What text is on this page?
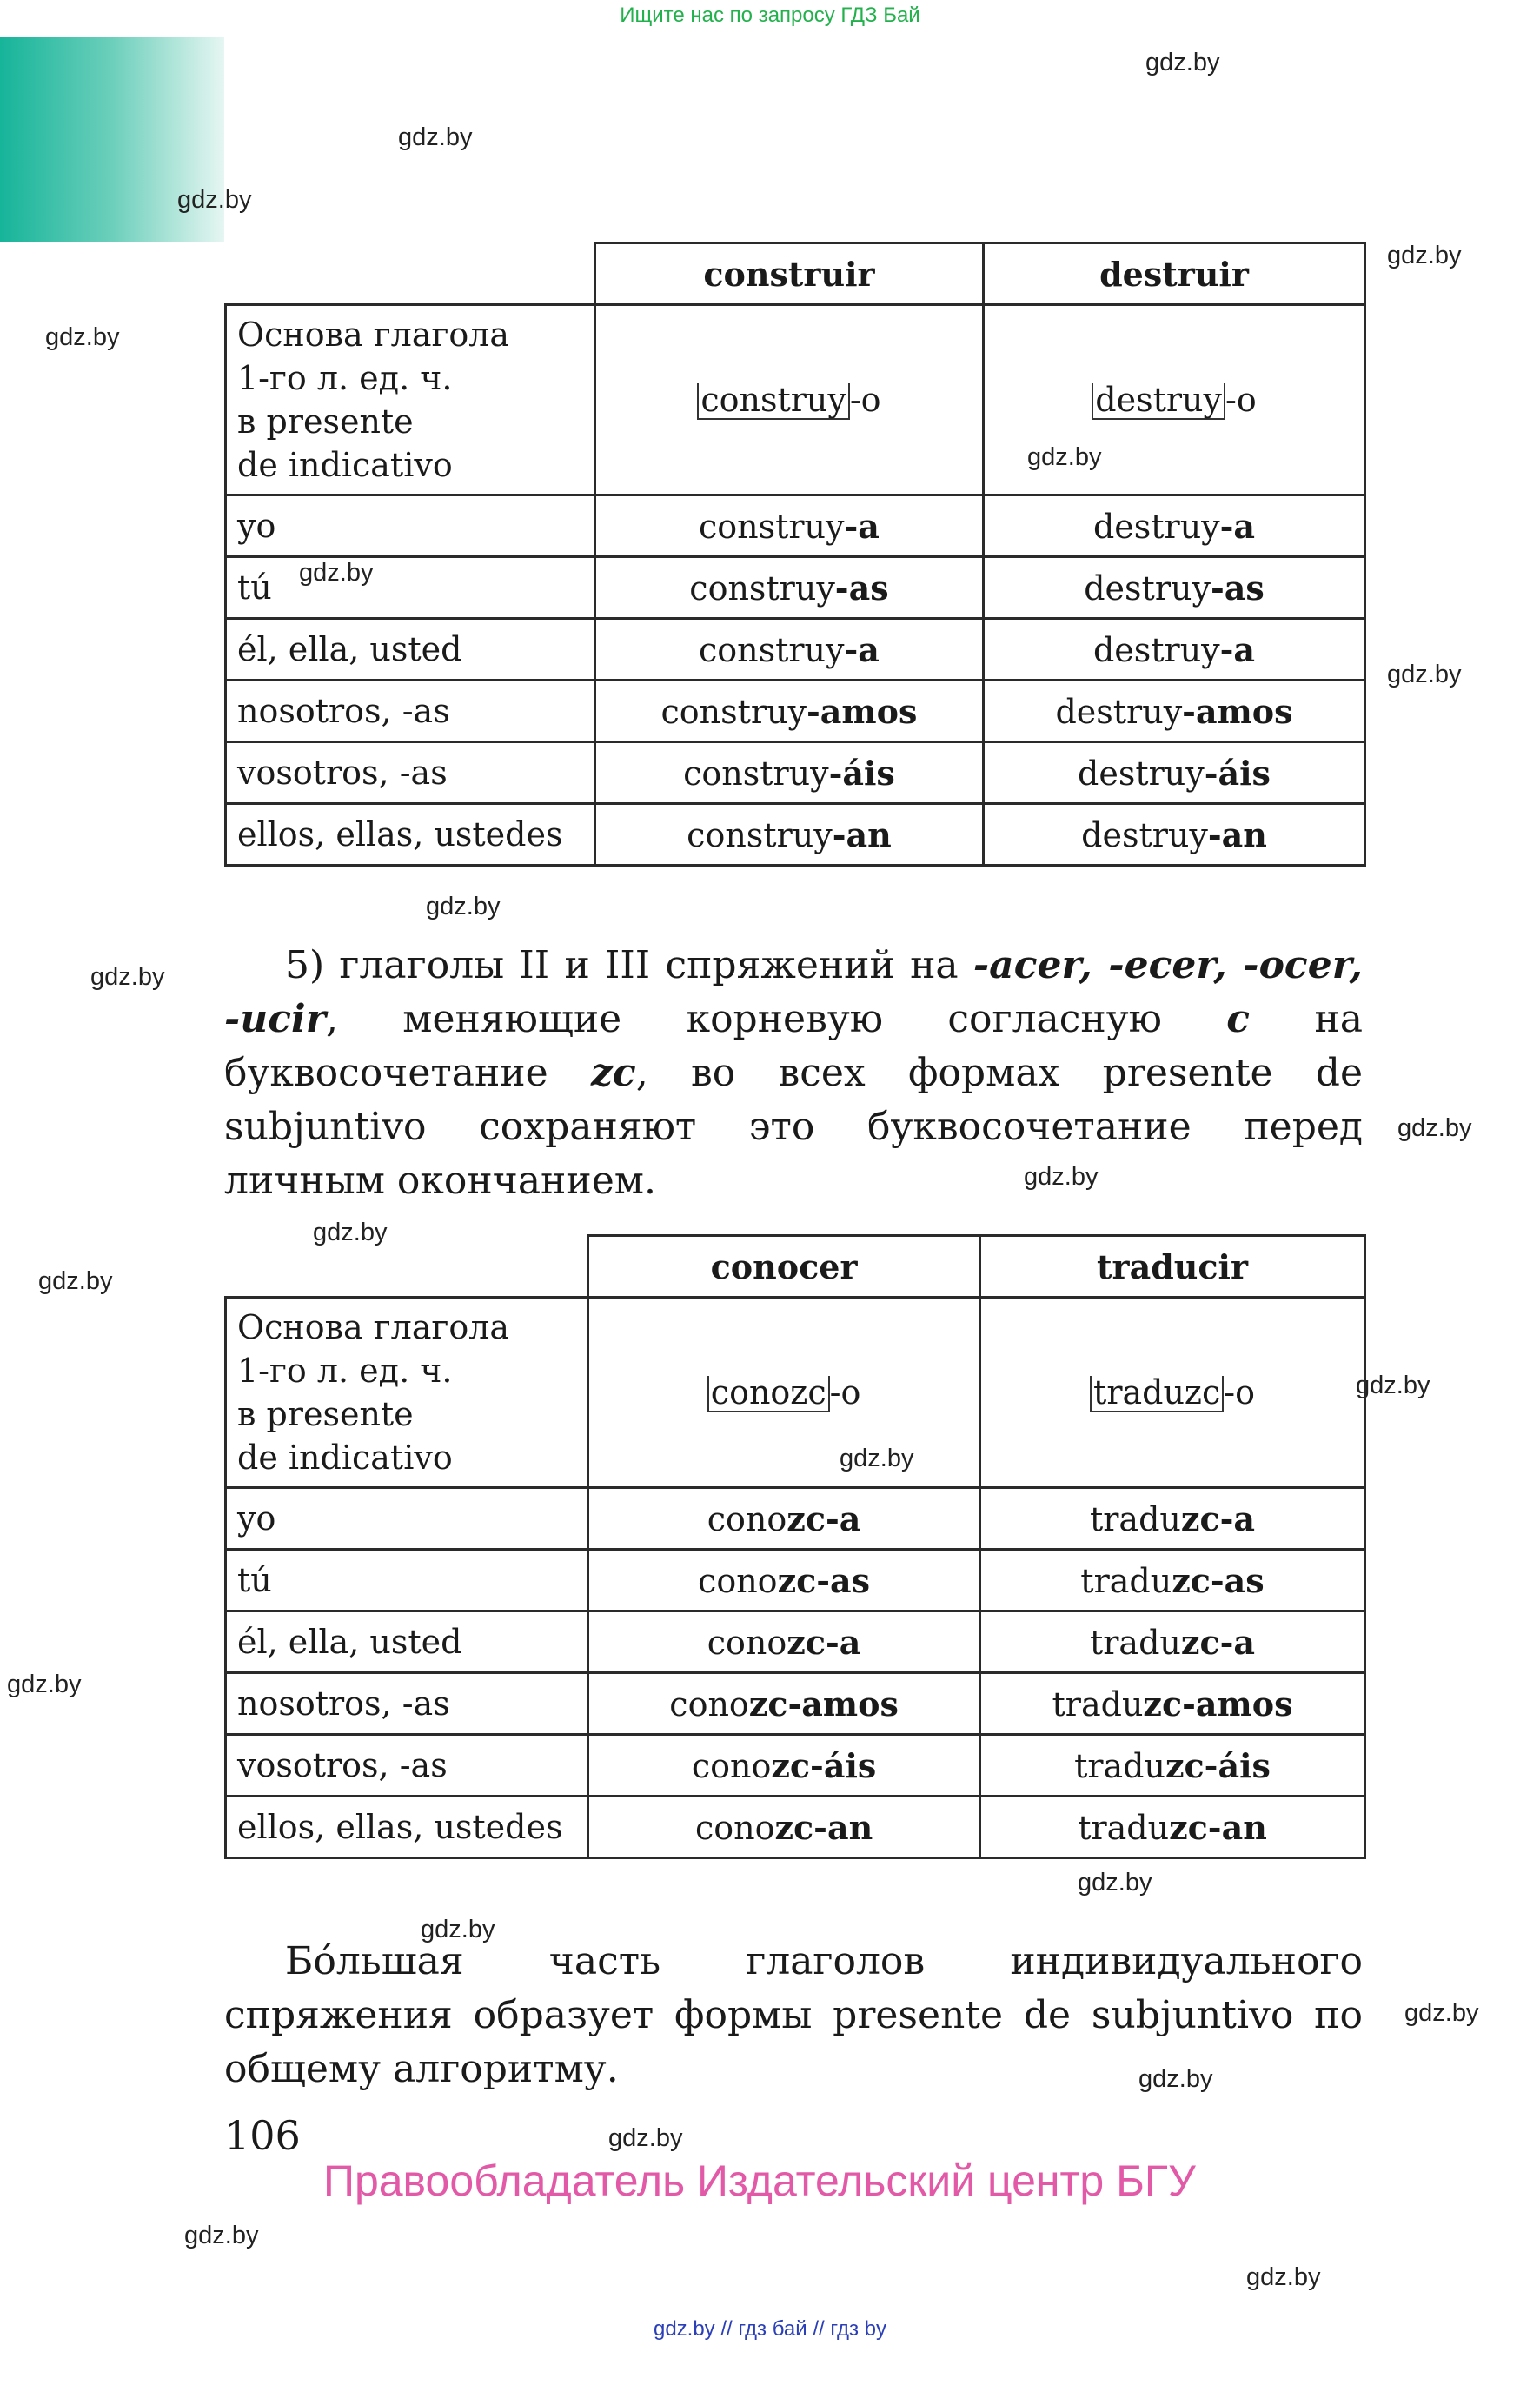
Ищите нас по запросу ГДЗ Бай
gdz.by
gdz.by
gdz.by
gdz.by
gdz.by
gdz.by
gdz.by
gdz.by
gdz.by
gdz.by
gdz.by
gdz.by
gdz.by
gdz.by
gdz.by
gdz.by
gdz.by
gdz.by
gdz.by
gdz.by
gdz.by
gdz.by
gdz.by
gdz.by
	construir	destruir

Основа глагола
1-го л. ед. ч.
в presente
de indicativo	construy -o	destruy -o
yo	construy-a	destruy-a
tú	construy-as	destruy-as
él, ella, usted	construy-a	destruy-a
nosotros, -as	construy-amos	destruy-amos
vosotros, -as	construy-áis	destruy-áis
ellos, ellas, ustedes	construy-an	destruy-an
5) глаголы II и III спряжений на -acer, -ecer, -ocer, -ucir, меняющие корневую согласную c на буквосочетание zc, во всех формах presente de subjuntivo сохраняют это буквосочетание перед личным окончанием.
	conocer	traducir

Основа глагола
1-го л. ед. ч.
в presente
de indicativo	conozc -o	traduzc -o
yo	conozc-a	traduzc-a
tú	conozc-as	traduzc-as
él, ella, usted	conozc-a	traduzc-a
nosotros, -as	conozc-amos	traduzc-amos
vosotros, -as	conozc-áis	traduzc-áis
ellos, ellas, ustedes	conozc-an	traduzc-an
Бóльшая часть глаголов индивидуального спряжения образует формы presente de subjuntivo по общему алгоритму.
106
Правообладатель Издательский центр БГУ
gdz.by // гдз бай // гдз by
